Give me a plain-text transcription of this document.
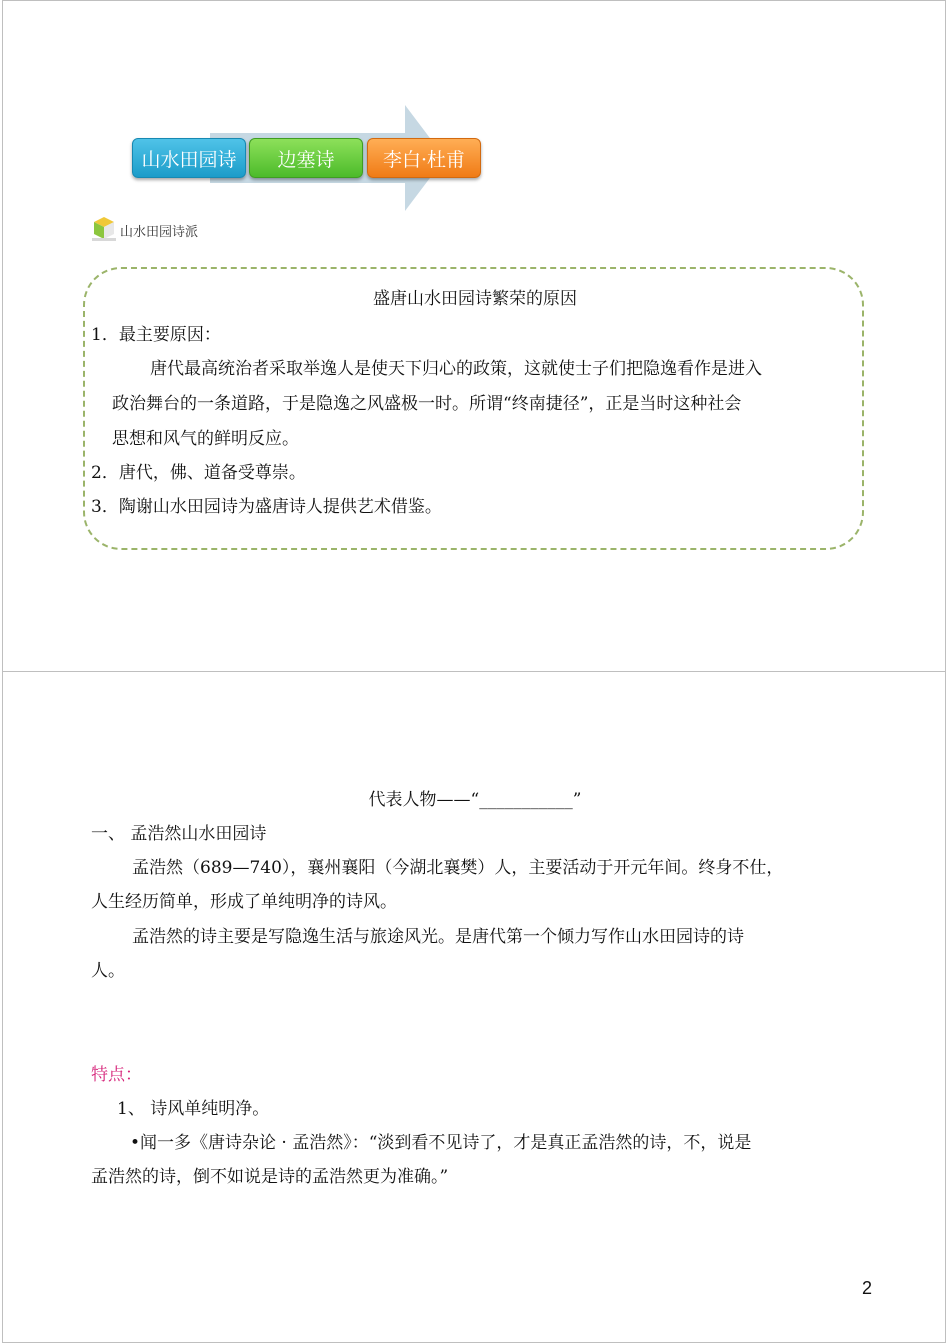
山水田园诗 边塞诗	李白·杜甫
山水田园诗派
盛唐山水田园诗繁荣的原因
1．最主要原因：
唐代最高统治者采取举逸人是使天下归心的政策，这就使士子们把隐逸看作是进入
政治舞台的一条道路，于是隐逸之风盛极一时。所谓“终南捷径”，正是当时这种社会
思想和风气的鲜明反应。
2．唐代，佛、道备受尊崇。
3．陶谢山水田园诗为盛唐诗人提供艺术借鉴。
代表人物——“___________”
一、 孟浩然山水田园诗
孟浩然（689—740），襄州襄阳（今湖北襄樊）人，主要活动于开元年间。终身不仕，
人生经历简单，形成了单纯明净的诗风。
孟浩然的诗主要是写隐逸生活与旅途风光。是唐代第一个倾力写作山水田园诗的诗
人。
特点：
1、 诗风单纯明净。
•闻一多《唐诗杂论 · 孟浩然》：“淡到看不见诗了，才是真正孟浩然的诗，不，说是
孟浩然的诗，倒不如说是诗的孟浩然更为准确。”
2
